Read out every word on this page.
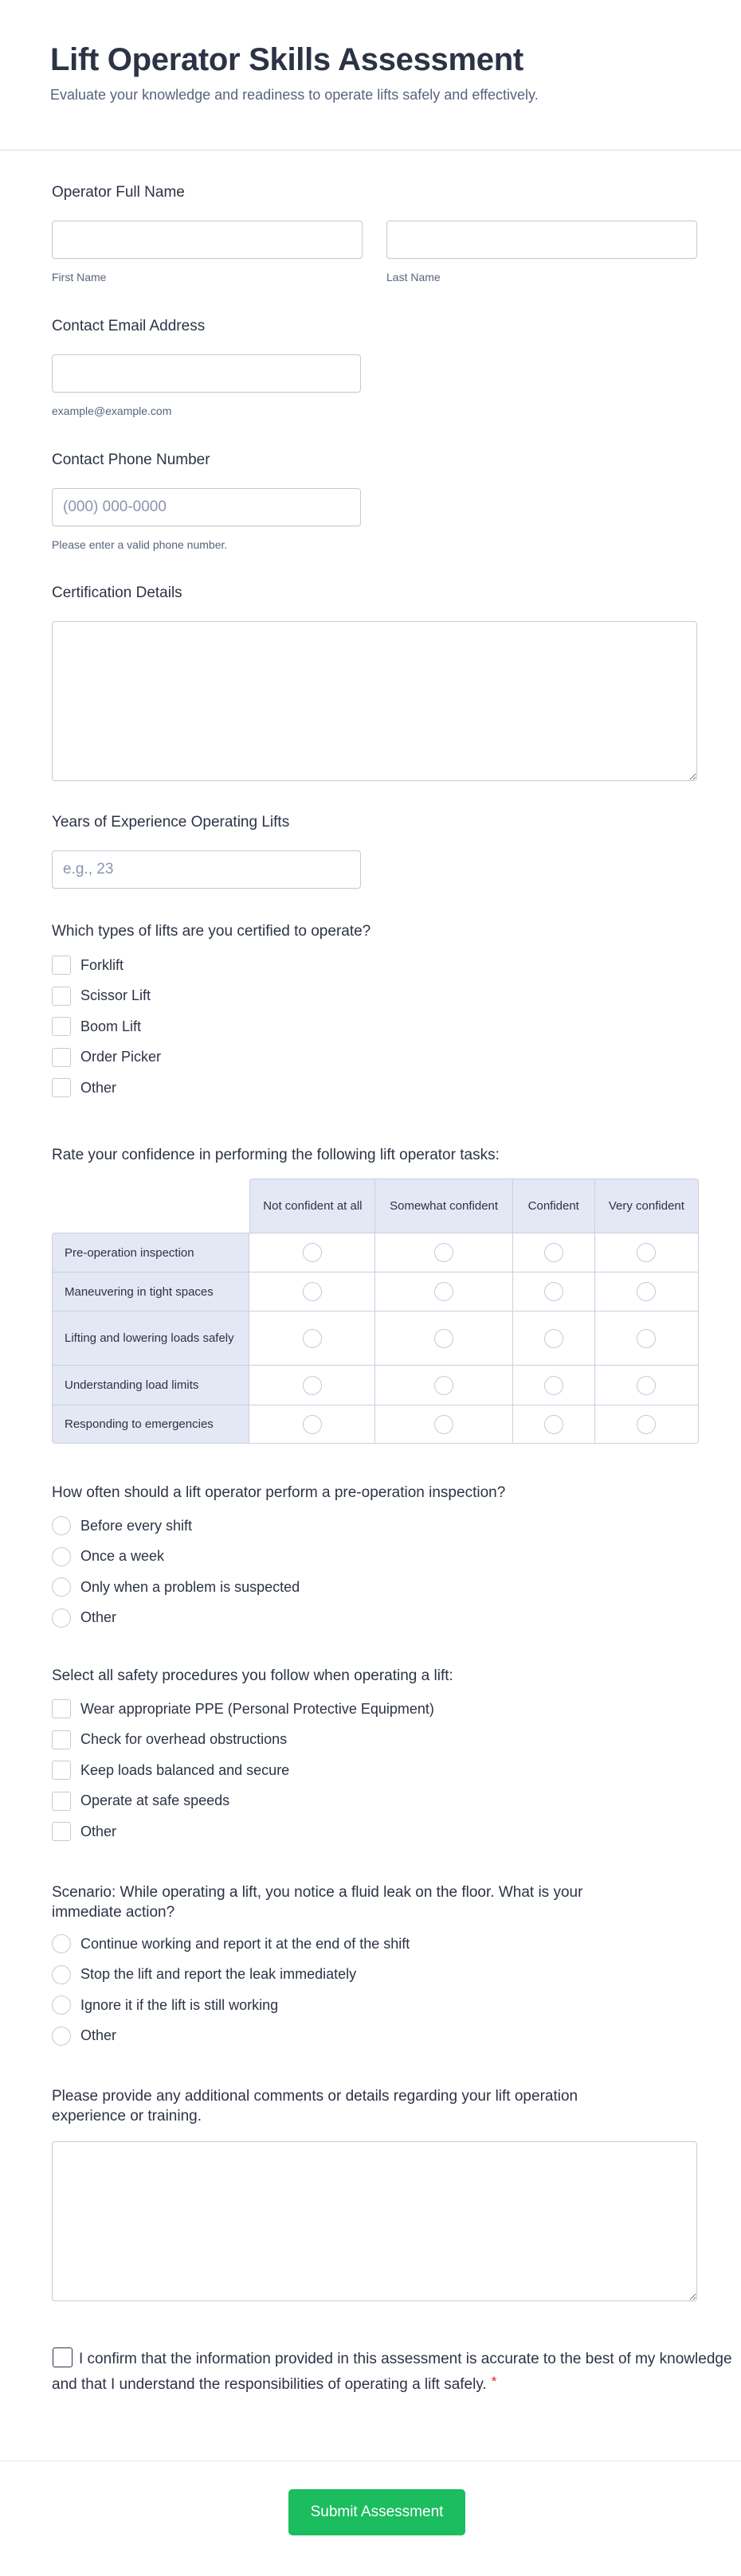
Lift Operator Skills Assessment

Evaluate your knowledge and readiness to operate lifts safely and effectively.

Operator Full Name
First Name	Last Name
Contact Email Address
example@example.com
Contact Phone Number
(000) 000-0000
Please enter a valid phone number.
Certification Details
Years of Experience Operating Lifts
e.g., 23
Which types of lifts are you certified to operate?
Forklift
Scissor Lift
Boom Lift
Order Picker
Other
Rate your confidence in performing the following lift operator tasks:
	Not confident at all	Somewhat confident	Confident	Very confident
Pre-operation inspection				
Maneuvering in tight spaces				
Lifting and lowering loads safely				
Understanding load limits				
Responding to emergencies				
How often should a lift operator perform a pre-operation inspection?
Before every shift
Once a week
Only when a problem is suspected
Other
Select all safety procedures you follow when operating a lift:
Wear appropriate PPE (Personal Protective Equipment)
Check for overhead obstructions
Keep loads balanced and secure
Operate at safe speeds
Other
Scenario: While operating a lift, you notice a fluid leak on the floor. What is your immediate action?
Continue working and report it at the end of the shift
Stop the lift and report the leak immediately
Ignore it if the lift is still working
Other
Please provide any additional comments or details regarding your lift operation experience or training.
I confirm that the information provided in this assessment is accurate to the best of my knowledge and that I understand the responsibilities of operating a lift safely. *
Submit Assessment
